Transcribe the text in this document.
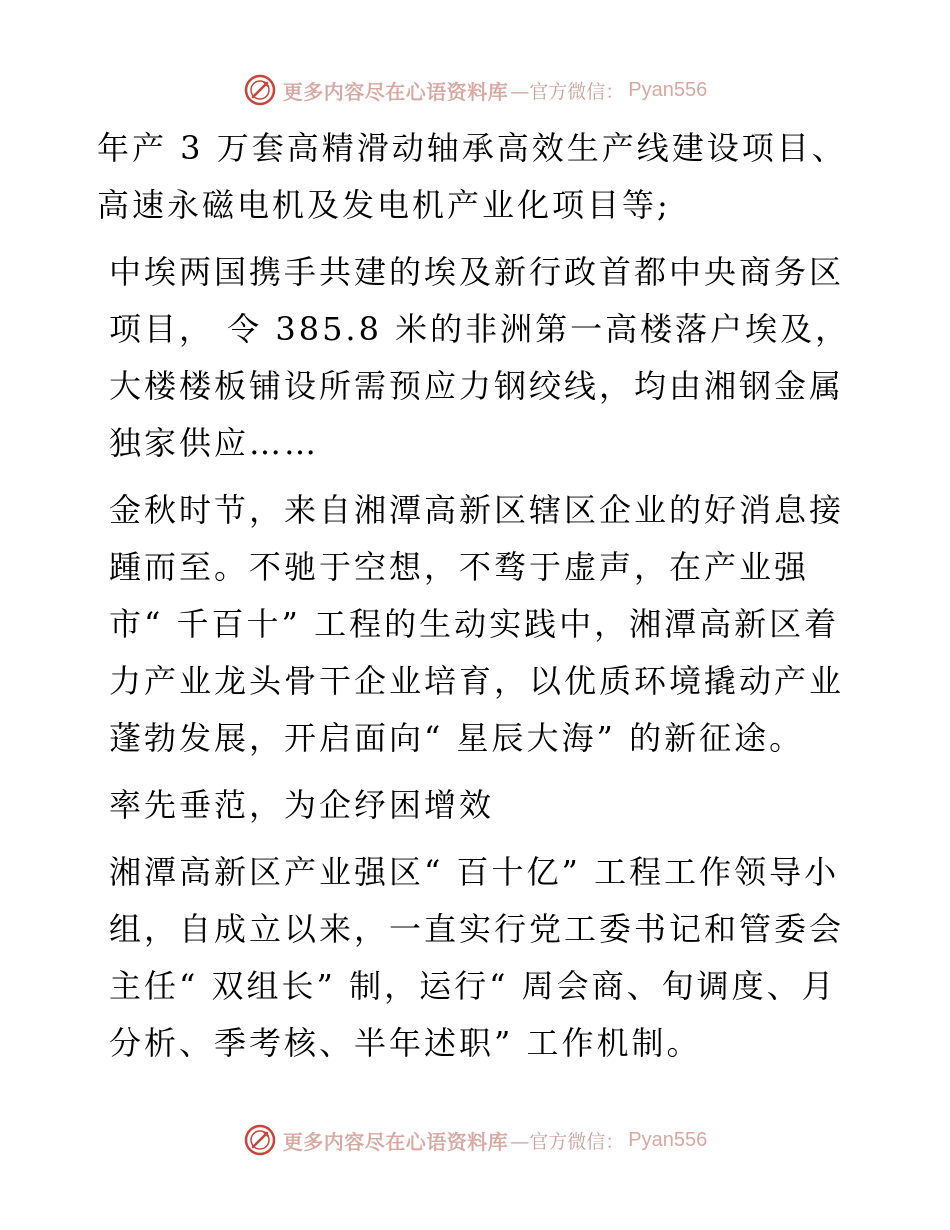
更多内容尽在心语资料库 —官方微信： Pyan556

年产 3 万套高精滑动轴承高效生产线建设项目、高速永磁电机及发电机产业化项目等;

中埃两国携手共建的埃及新行政首都中央商务区项目， 令 385.8 米的非洲第一高楼落户埃及，大楼楼板铺设所需预应力钢绞线，均由湘钢金属独家供应……

金秋时节，来自湘潭高新区辖区企业的好消息接踵而至。不驰于空想，不骛于虚声，在产业强市“ 千百十” 工程的生动实践中，湘潭高新区着力产业龙头骨干企业培育，以优质环境撬动产业蓬勃发展，开启面向“ 星辰大海” 的新征途。

率先垂范，为企纾困增效

湘潭高新区产业强区“ 百十亿” 工程工作领导小组，自成立以来，一直实行党工委书记和管委会主任“ 双组长” 制，运行“ 周会商、旬调度、月分析、季考核、半年述职” 工作机制。

更多内容尽在心语资料库 —官方微信： Pyan556
